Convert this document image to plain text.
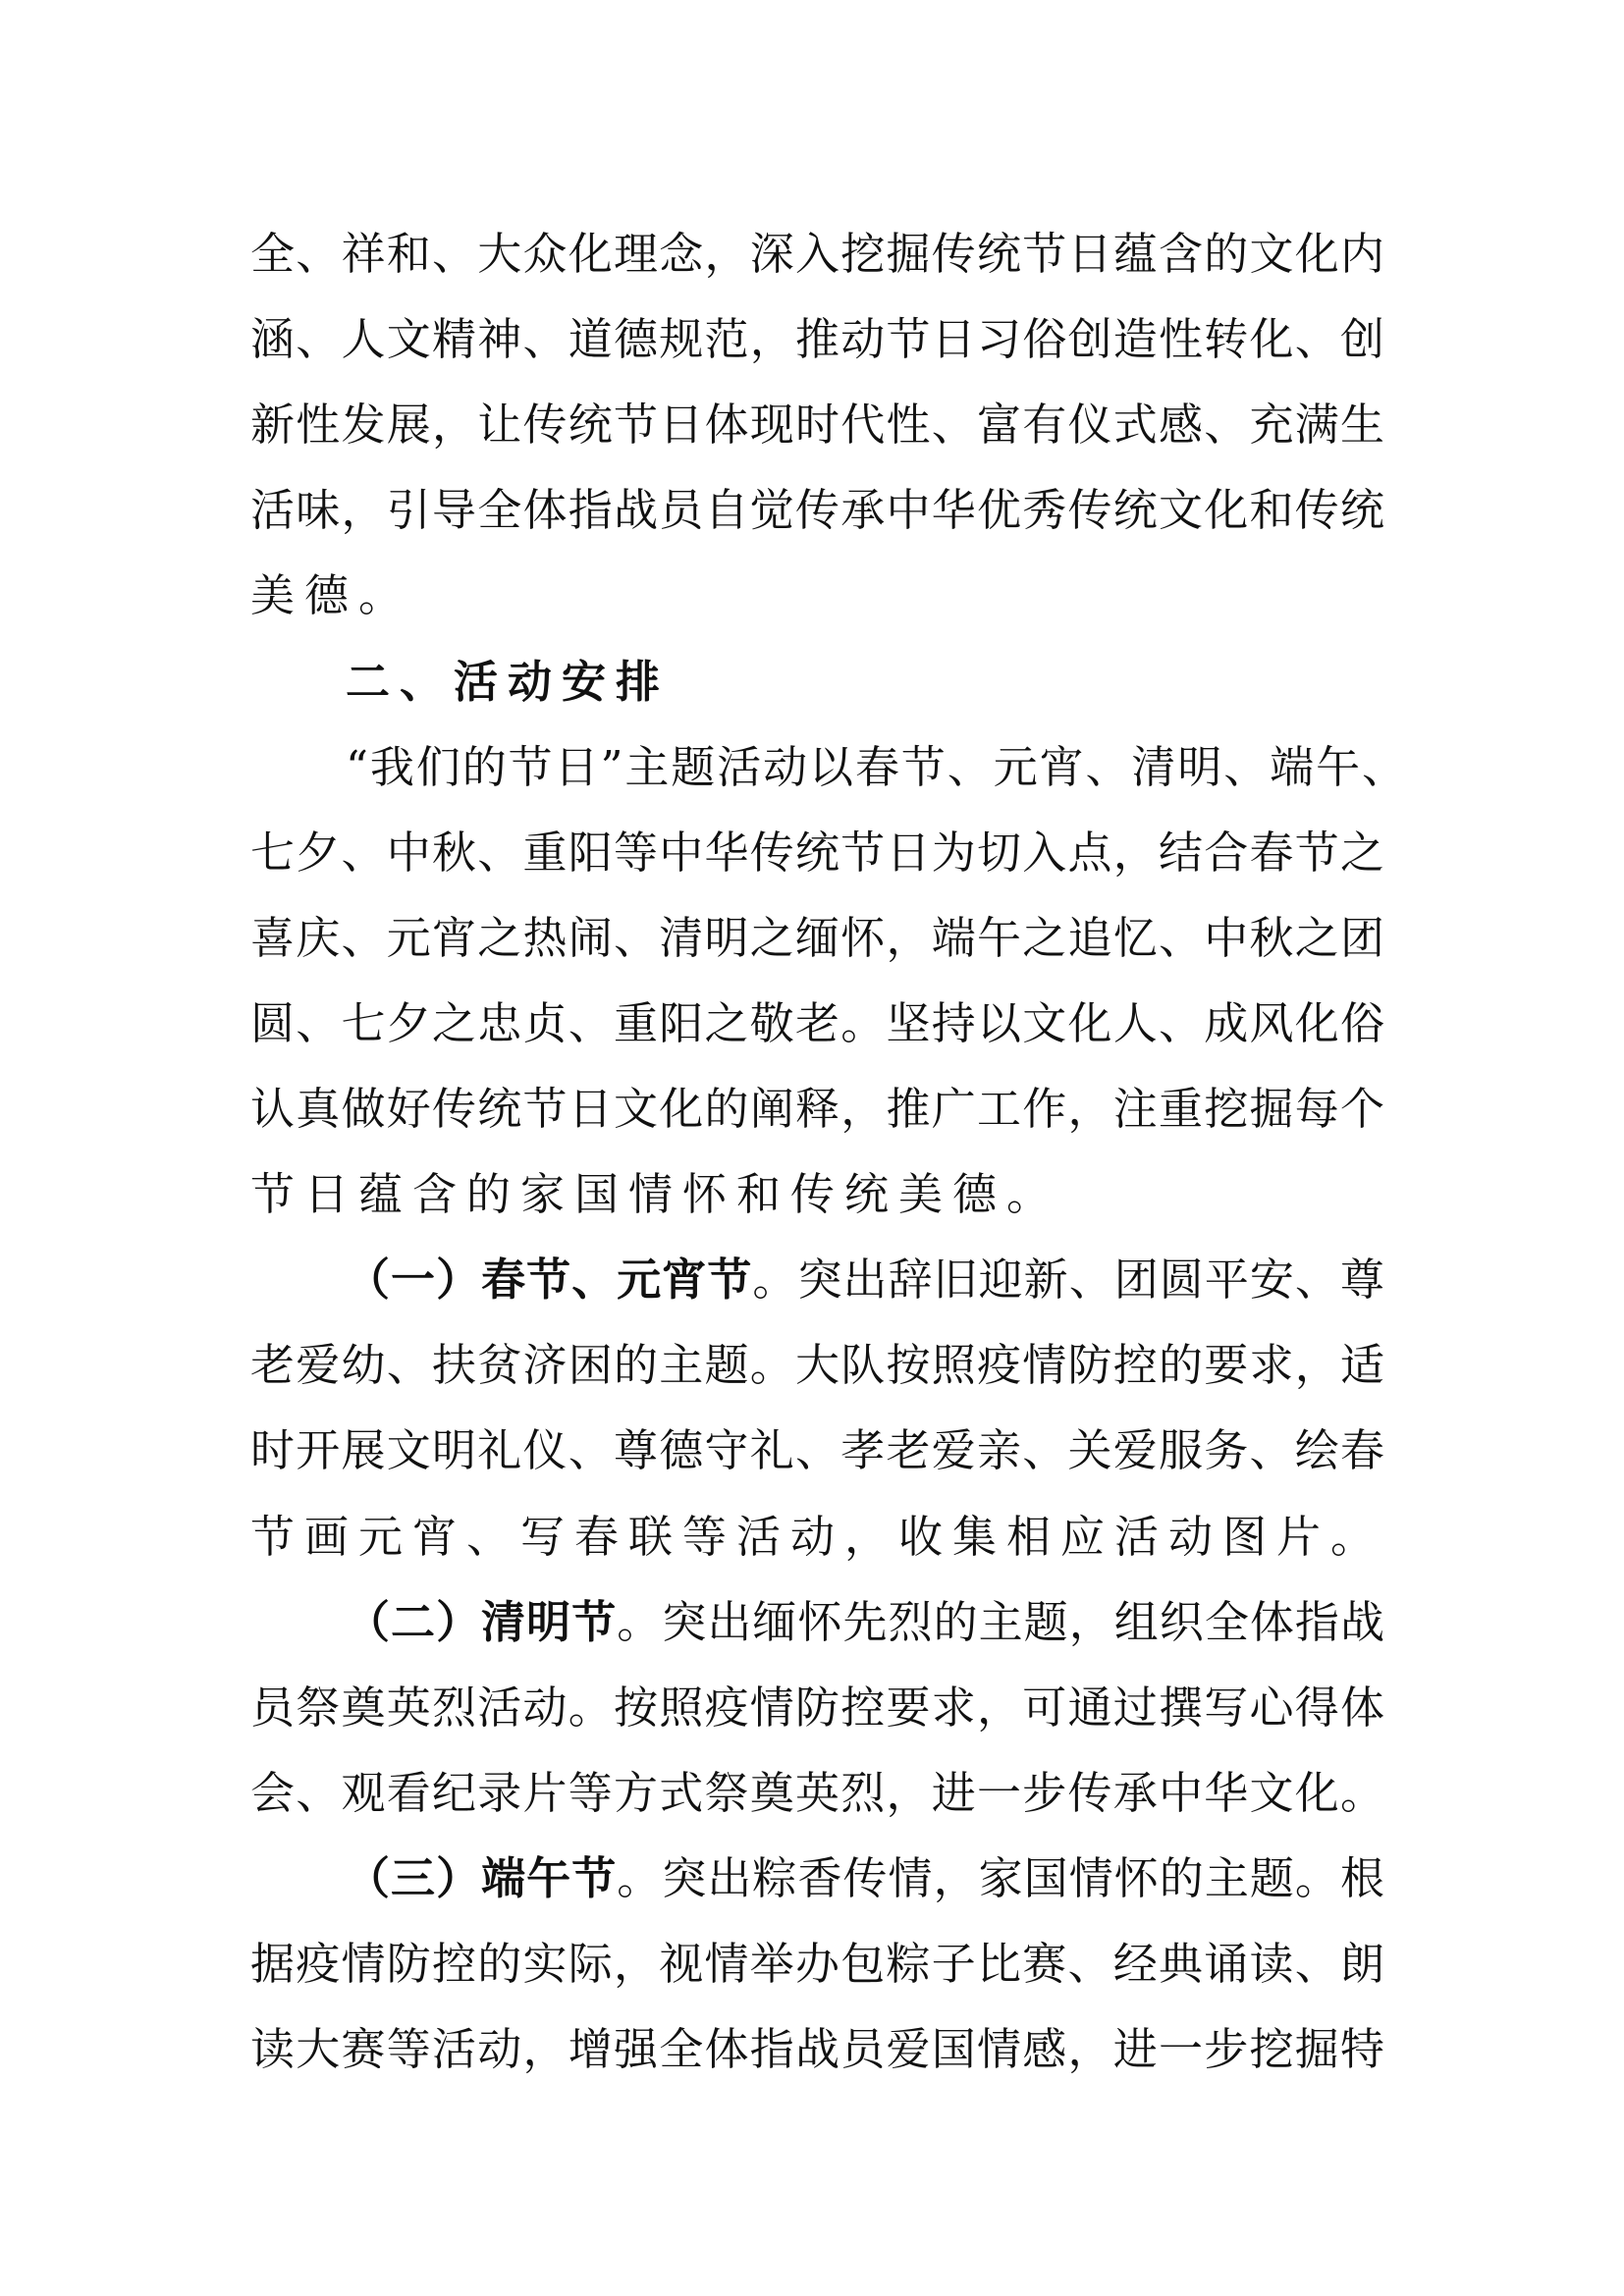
全、祥和、大众化理念，深入挖掘传统节日蕴含的文化内
涵、人文精神、道德规范，推动节日习俗创造性转化、创
新性发展，让传统节日体现时代性、富有仪式感、充满生
活味，引导全体指战员自觉传承中华优秀传统文化和传统
美德。
二、活动安排
“我们的节日”主题活动以春节、元宵、清明、端午、
七夕、中秋、重阳等中华传统节日为切入点，结合春节之
喜庆、元宵之热闹、清明之缅怀，端午之追忆、中秋之团
圆、七夕之忠贞、重阳之敬老。坚持以文化人、成风化俗
认真做好传统节日文化的阐释，推广工作，注重挖掘每个
节日蕴含的家国情怀和传统美德。
（一）春节、元宵节。突出辞旧迎新、团圆平安、尊
老爱幼、扶贫济困的主题。大队按照疫情防控的要求，适
时开展文明礼仪、尊德守礼、孝老爱亲、关爱服务、绘春
节画元宵、写春联等活动，收集相应活动图片。
（二）清明节。突出缅怀先烈的主题，组织全体指战
员祭奠英烈活动。按照疫情防控要求，可通过撰写心得体
会、观看纪录片等方式祭奠英烈，进一步传承中华文化。
（三）端午节。突出粽香传情，家国情怀的主题。根
据疫情防控的实际，视情举办包粽子比赛、经典诵读、朗
读大赛等活动，增强全体指战员爱国情感，进一步挖掘特
